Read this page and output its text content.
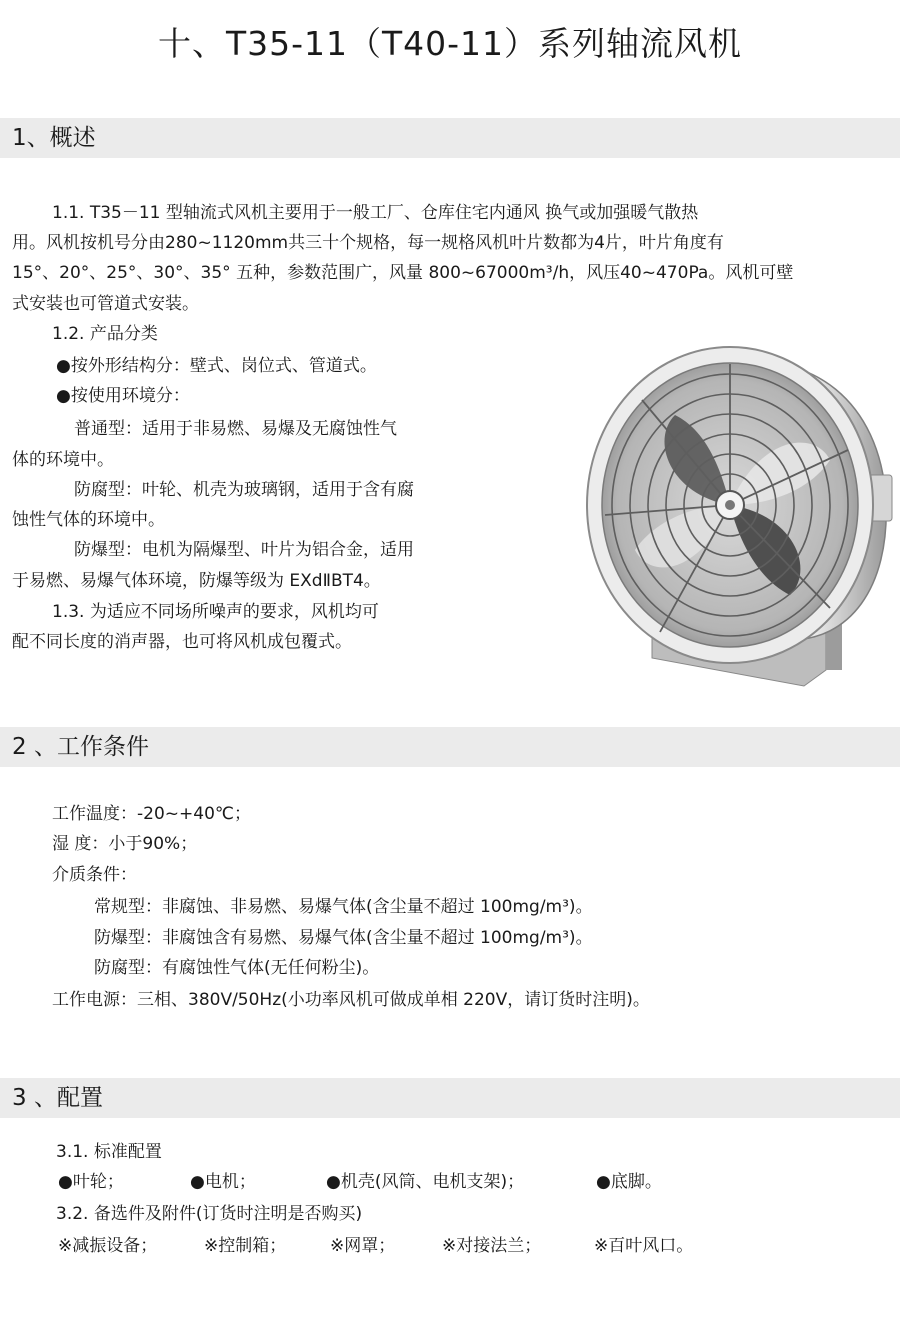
十、T35-11（T40-11）系列轴流风机
1、概述
1.1. T35－11 型轴流式风机主要用于一般工厂、仓库住宅内通风 换气或加强暖气散热
用。风机按机号分由280~1120mm共三十个规格，每一规格风机叶片数都为4片，叶片角度有
15°、20°、25°、30°、35° 五种，参数范围广，风量 800~67000m³/h，风压40~470Pa。风机可壁
式安装也可管道式安装。
1.2. 产品分类
●按外形结构分：壁式、岗位式、管道式。
●按使用环境分：
普通型：适用于非易燃、易爆及无腐蚀性气
体的环境中。
防腐型：叶轮、机壳为玻璃钢，适用于含有腐
蚀性气体的环境中。
防爆型：电机为隔爆型、叶片为铝合金，适用
于易燃、易爆气体环境，防爆等级为 EXdⅡBT4。
1.3. 为适应不同场所噪声的要求，风机均可
配不同长度的消声器，也可将风机成包覆式。
2 、工作条件
工作温度：-20~+40℃；
湿 度：小于90%；
介质条件：
常规型：非腐蚀、非易燃、易爆气体(含尘量不超过 100mg/m³)。
防爆型：非腐蚀含有易燃、易爆气体(含尘量不超过 100mg/m³)。
防腐型：有腐蚀性气体(无任何粉尘)。
工作电源：三相、380V/50Hz(小功率风机可做成单相 220V，请订货时注明)。
3 、配置
3.1. 标准配置
●叶轮；	●电机；	●机壳(风筒、电机支架)；	●底脚。
3.2. 备选件及附件(订货时注明是否购买)
※减振设备；	※控制箱；	※网罩；	※对接法兰；	※百叶风口。
